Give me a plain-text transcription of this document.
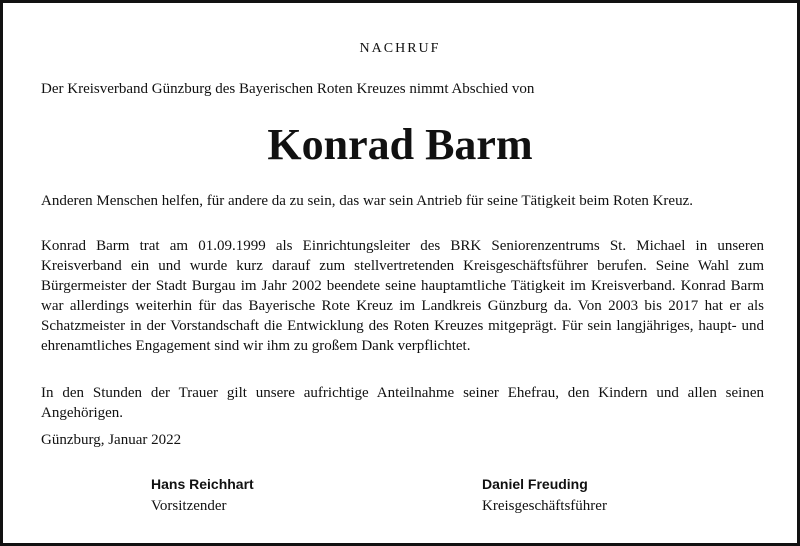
NACHRUF
Der Kreisverband Günzburg des Bayerischen Roten Kreuzes nimmt Abschied von
Konrad Barm
Anderen Menschen helfen, für andere da zu sein, das war sein Antrieb für seine Tätigkeit beim Roten Kreuz.
Konrad Barm trat am 01.09.1999 als Einrichtungsleiter des BRK Seniorenzentrums St. Michael in unseren Kreisverband ein und wurde kurz darauf zum stellvertretenden Kreisgeschäftsführer berufen. Seine Wahl zum Bürgermeister der Stadt Burgau im Jahr 2002 beendete seine hauptamtliche Tätigkeit im Kreisverband. Konrad Barm war allerdings weiterhin für das Bayerische Rote Kreuz im Landkreis Günzburg da. Von 2003 bis 2017 hat er als Schatzmeister in der Vorstandschaft die Entwicklung des Roten Kreuzes mitgeprägt. Für sein langjähriges, haupt- und ehrenamtliches Engagement sind wir ihm zu großem Dank verpflichtet.
In den Stunden der Trauer gilt unsere aufrichtige Anteilnahme seiner Ehefrau, den Kindern und allen seinen Angehörigen.
Günzburg, Januar 2022
Hans Reichhart
Vorsitzender
Daniel Freuding
Kreisgeschäftsführer
